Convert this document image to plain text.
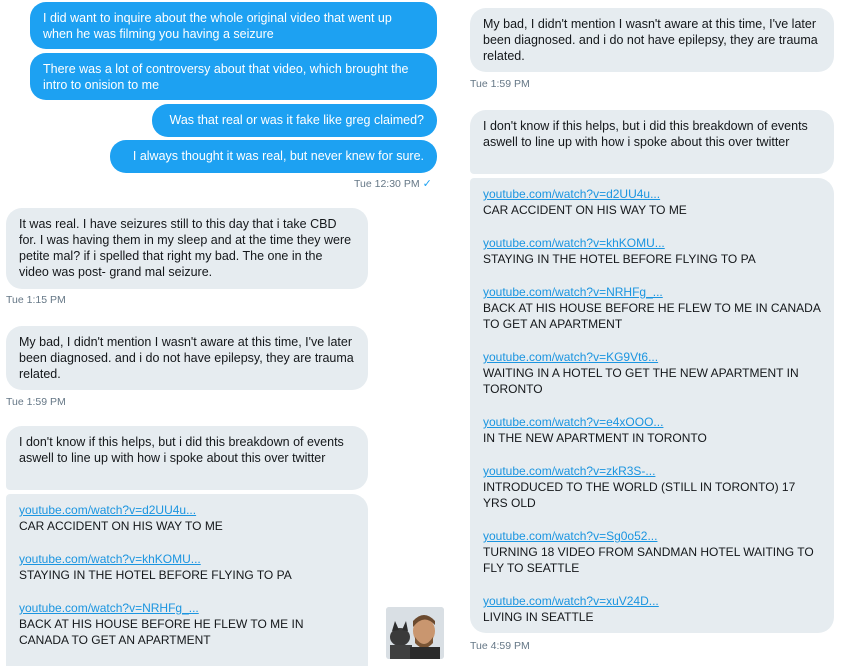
I did want to inquire about the whole original video that went up when he was filming you having a seizure
There was a lot of controversy about that video, which brought the intro to onision to me
Was that real or was it fake like greg claimed?
I always thought it was real, but never knew for sure.
Tue 12:30 PM ✓
It was real. I have seizures still to this day that i take CBD for. I was having them in my sleep and at the time they were petite mal? if i spelled that right my bad. The one in the video was post- grand mal seizure.
Tue 1:15 PM
My bad, I didn't mention I wasn't aware at this time, I've later been diagnosed. and i do not have epilepsy, they are trauma related.
Tue 1:59 PM
I don't know if this helps, but i did this breakdown of events aswell to line up with how i spoke about this over twitter
youtube.com/watch?v=d2UU4u...
CAR ACCIDENT ON HIS WAY TO ME
youtube.com/watch?v=khKOMU...
STAYING IN THE HOTEL BEFORE FLYING TO PA
youtube.com/watch?v=NRHFg_...
BACK AT HIS HOUSE BEFORE HE FLEW TO ME IN CANADA TO GET AN APARTMENT
My bad, I didn't mention I wasn't aware at this time, I've later been diagnosed. and i do not have epilepsy, they are trauma related.
Tue 1:59 PM
I don't know if this helps, but i did this breakdown of events aswell to line up with how i spoke about this over twitter
youtube.com/watch?v=d2UU4u...
CAR ACCIDENT ON HIS WAY TO ME
youtube.com/watch?v=khKOMU...
STAYING IN THE HOTEL BEFORE FLYING TO PA
youtube.com/watch?v=NRHFg_...
BACK AT HIS HOUSE BEFORE HE FLEW TO ME IN CANADA TO GET AN APARTMENT
youtube.com/watch?v=KG9Vt6...
WAITING IN A HOTEL TO GET THE NEW APARTMENT IN TORONTO
youtube.com/watch?v=e4xOOO...
IN THE NEW APARTMENT IN TORONTO
youtube.com/watch?v=zkR3S-...
INTRODUCED TO THE WORLD (STILL IN TORONTO) 17 YRS OLD
youtube.com/watch?v=Sg0o52...
TURNING 18 VIDEO FROM SANDMAN HOTEL WAITING TO FLY TO SEATTLE
youtube.com/watch?v=xuV24D...
LIVING IN SEATTLE
Tue 4:59 PM
